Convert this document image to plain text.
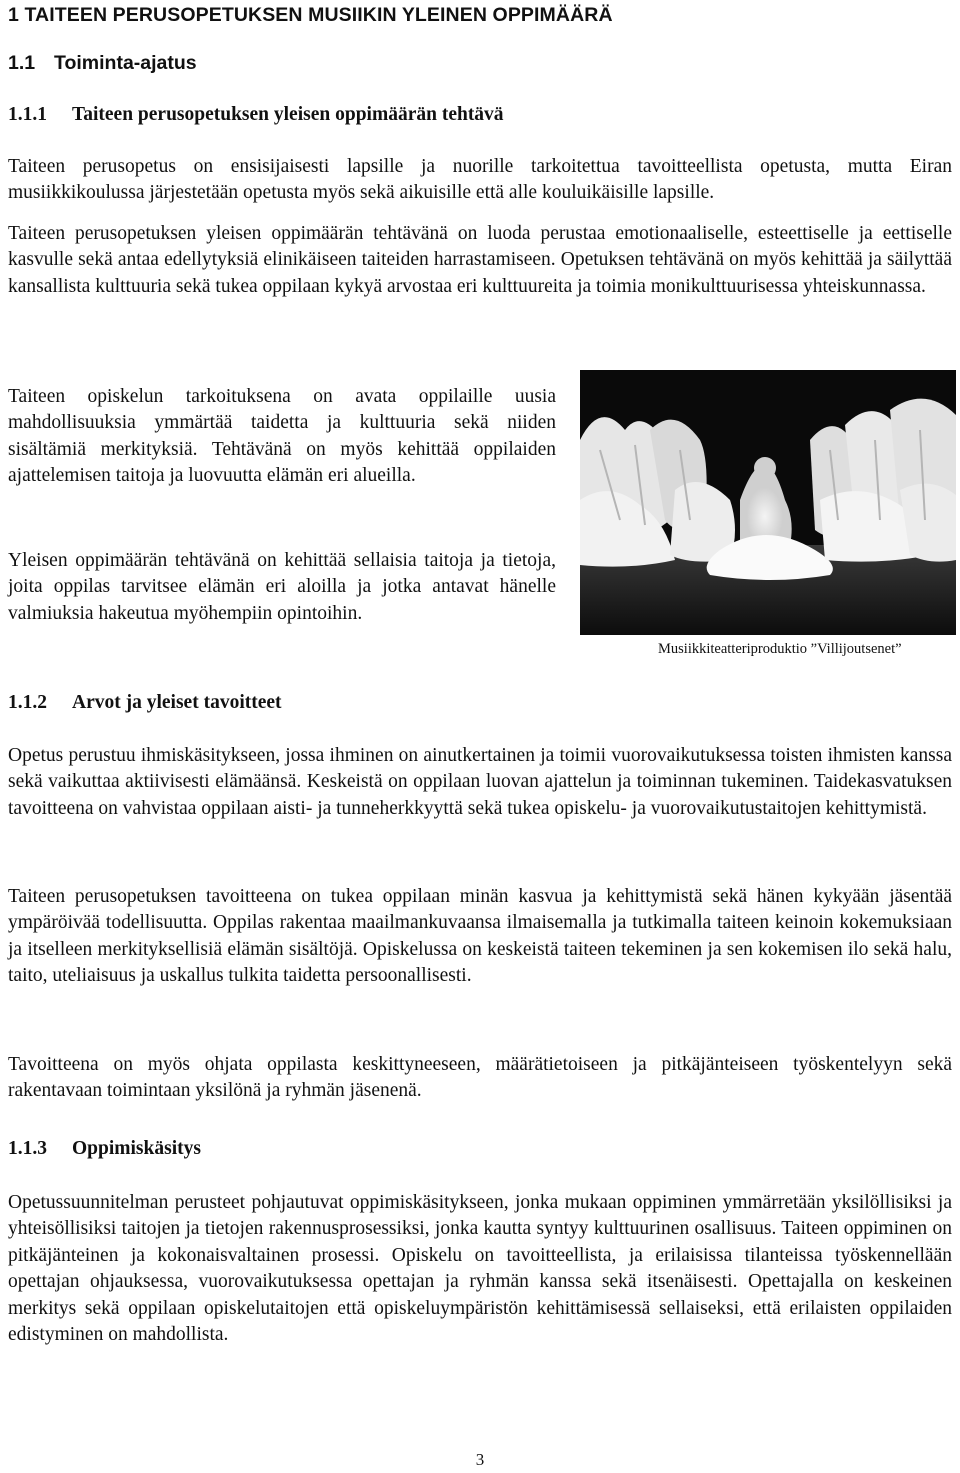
1 TAITEEN PERUSOPETUKSEN MUSIIKIN YLEINEN OPPIMÄÄRÄ
1.1 Toiminta-ajatus
1.1.1 Taiteen perusopetuksen yleisen oppimäärän tehtävä

Taiteen perusopetus on ensisijaisesti lapsille ja nuorille tarkoitettua tavoitteellista opetusta, mutta Eiran musiikkikoulussa järjestetään opetusta myös sekä aikuisille että alle kouluikäisille lapsille.

Taiteen perusopetuksen yleisen oppimäärän tehtävänä on luoda perustaa emotionaaliselle, esteettiselle ja eettiselle kasvulle sekä antaa edellytyksiä elinikäiseen taiteiden harrastamiseen. Opetuksen tehtävänä on myös kehittää ja säilyttää kansallista kulttuuria sekä tukea oppilaan kykyä arvostaa eri kulttuureita ja toimia monikulttuurisessa yhteiskunnassa.

Taiteen opiskelun tarkoituksena on avata oppilaille uusia mahdollisuuksia ymmärtää taidetta ja kulttuuria sekä niiden sisältämiä merkityksiä. Tehtävänä on myös kehittää oppilaiden ajattelemisen taitoja ja luovuutta elämän eri alueilla.

Yleisen oppimäärän tehtävänä on kehittää sellaisia taitoja ja tietoja, joita oppilas tarvitsee elämän eri aloilla ja jotka antavat hänelle valmiuksia hakeutua myöhempiin opintoihin.

1.1.2 Arvot ja yleiset tavoitteet

Opetus perustuu ihmiskäsitykseen, jossa ihminen on ainutkertainen ja toimii vuorovaikutuksessa toisten ihmisten kanssa sekä vaikuttaa aktiivisesti elämäänsä. Keskeistä on oppilaan luovan ajattelun ja toiminnan tukeminen. Taidekasvatuksen tavoitteena on vahvistaa oppilaan aisti- ja tunneherkkyyttä sekä tukea opiskelu- ja vuorovaikutustaitojen kehittymistä.

Taiteen perusopetuksen tavoitteena on tukea oppilaan minän kasvua ja kehittymistä sekä hänen kykyään jäsentää ympäröivää todellisuutta. Oppilas rakentaa maailmankuvaansa ilmaisemalla ja tutkimalla taiteen keinoin kokemuksiaan ja itselleen merkityksellisiä elämän sisältöjä. Opiskelussa on keskeistä taiteen tekeminen ja sen kokemisen ilo sekä halu, taito, uteliaisuus ja uskallus tulkita taidetta persoonallisesti.

Tavoitteena on myös ohjata oppilasta keskittyneeseen, määrätietoiseen ja pitkäjänteiseen työskentelyyn sekä rakentavaan toimintaan yksilönä ja ryhmän jäsenenä.

1.1.3 Oppimiskäsitys

Opetussuunnitelman perusteet pohjautuvat oppimiskäsitykseen, jonka mukaan oppiminen ymmärretään yksilöllisiksi ja yhteisöllisiksi taitojen ja tietojen rakennusprosessiksi, jonka kautta syntyy kulttuurinen osallisuus. Taiteen oppiminen on pitkäjänteinen ja kokonaisvaltainen prosessi. Opiskelu on tavoitteellista, ja erilaisissa tilanteissa työskennellään opettajan ohjauksessa, vuorovaikutuksessa opettajan ja ryhmän kanssa sekä itsenäisesti. Opettajalla on keskeinen merkitys sekä oppilaan opiskelutaitojen että opiskeluympäristön kehittämisessä sellaiseksi, että erilaisten oppilaiden edistyminen on mahdollista.

3
Musiikkiteatteriproduktio ”Villijoutsenet”
